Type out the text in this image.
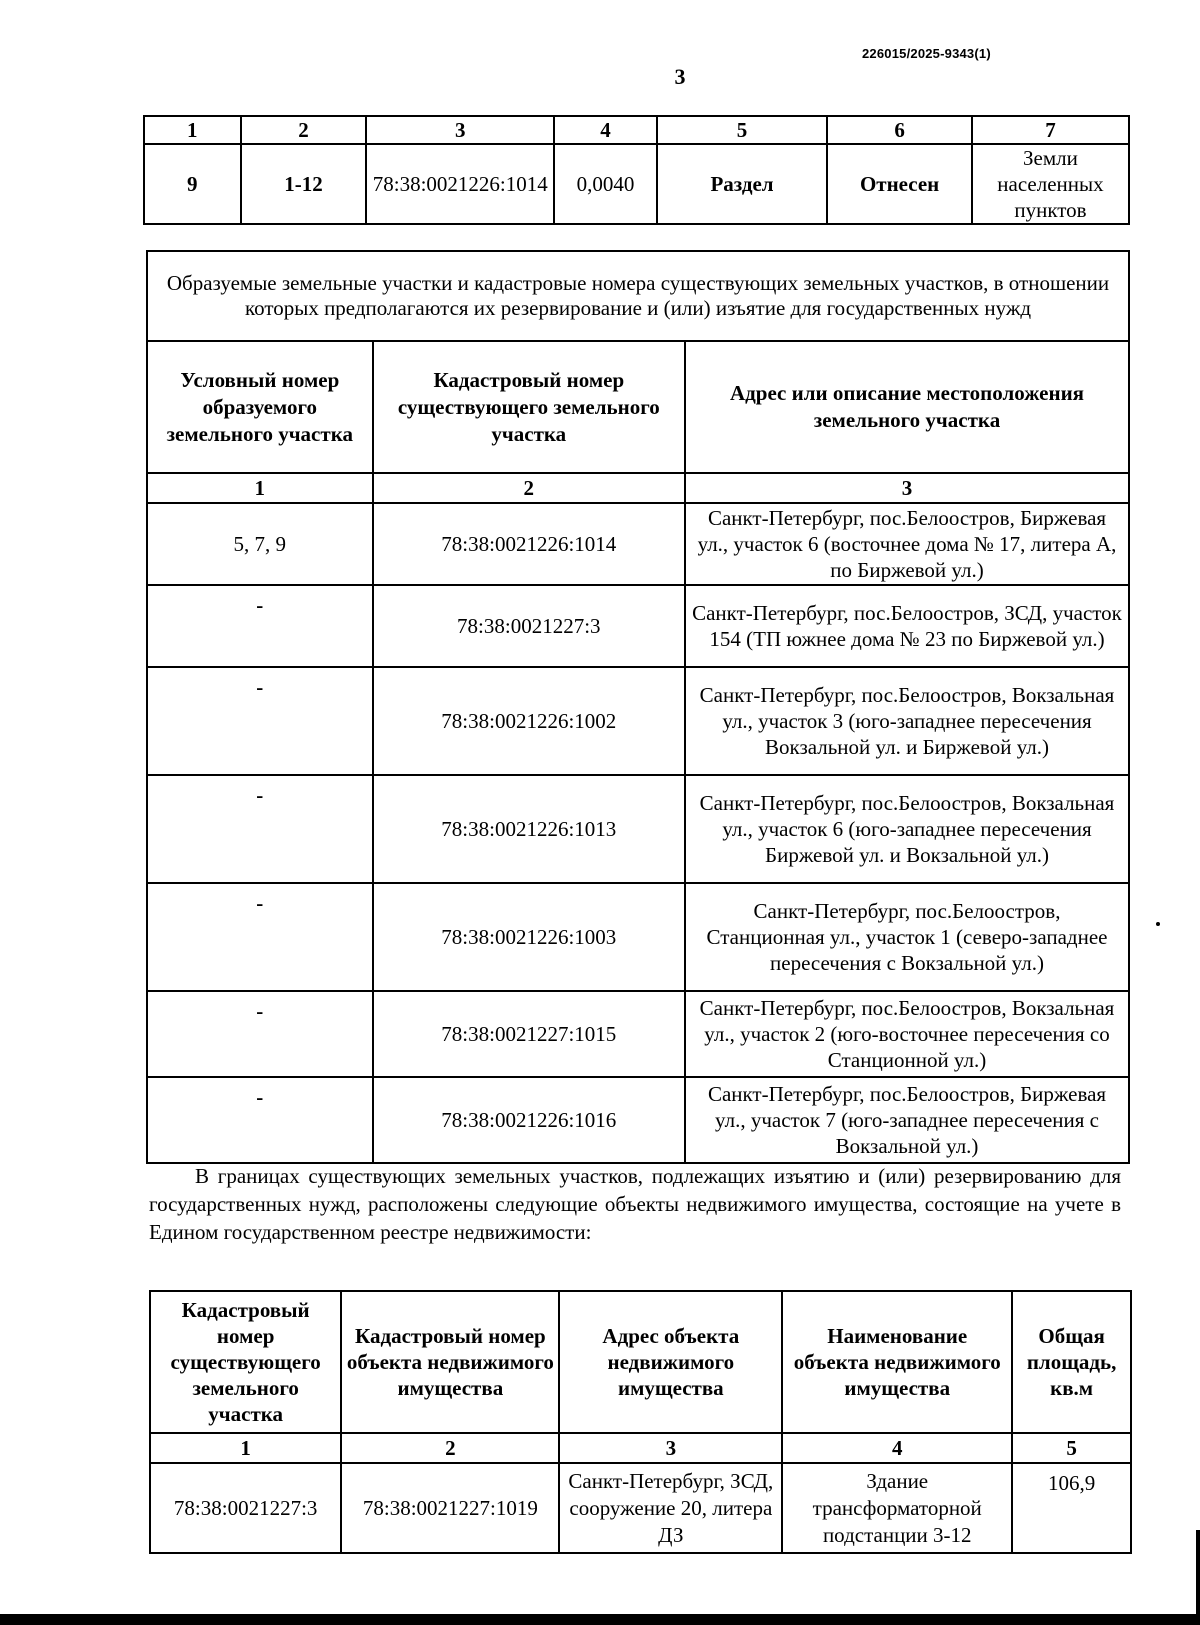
226015/2025-9343(1)
3
1	2	3	4	5	6	7
9	1-12	78:38:0021226:1014	0,0040	Раздел	Отнесен	Земли населенных пунктов
Образуемые земельные участки и кадастровые номера существующих земельных участков, в отношении которых предполагаются их резервирование и (или) изъятие для государственных нужд		
Условный номер образуемого земельного участка	Кадастровый номер существующего земельного участка	Адрес или описание местоположения земельного участка
1	2	3
5, 7, 9	78:38:0021226:1014	Санкт-Петербург, пос.Белоостров, Биржевая ул., участок 6 (восточнее дома № 17, литера А, по Биржевой ул.)
-	78:38:0021227:3	Санкт-Петербург, пос.Белоостров, ЗСД, участок 154 (ТП южнее дома № 23 по Биржевой ул.)
-	78:38:0021226:1002	Санкт-Петербург, пос.Белоостров, Вокзальная ул., участок 3 (юго-западнее пересечения Вокзальной ул. и Биржевой ул.)
-	78:38:0021226:1013	Санкт-Петербург, пос.Белоостров, Вокзальная ул., участок 6 (юго-западнее пересечения Биржевой ул. и Вокзальной ул.)
-	78:38:0021226:1003	Санкт-Петербург, пос.Белоостров, Станционная ул., участок 1 (северо-западнее пересечения с Вокзальной ул.)
-	78:38:0021227:1015	Санкт-Петербург, пос.Белоостров, Вокзальная ул., участок 2 (юго-восточнее пересечения со Станционной ул.)
-	78:38:0021226:1016	Санкт-Петербург, пос.Белоостров, Биржевая ул., участок 7 (юго-западнее пересечения с Вокзальной ул.)
В границах существующих земельных участков, подлежащих изъятию и (или) резервированию для государственных нужд, расположены следующие объекты недвижимого имущества, состоящие на учете в Едином государственном реестре недвижимости:
Кадастровый номер существующего земельного участка	Кадастровый номер объекта недвижимого имущества	Адрес объекта недвижимого имущества	Наименование объекта недвижимого имущества	Общая площадь, кв.м
1	2	3	4	5
78:38:0021227:3	78:38:0021227:1019	Санкт-Петербург, ЗСД, сооружение 20, литера ДЗ	Здание трансформаторной подстанции 3-12	106,9
